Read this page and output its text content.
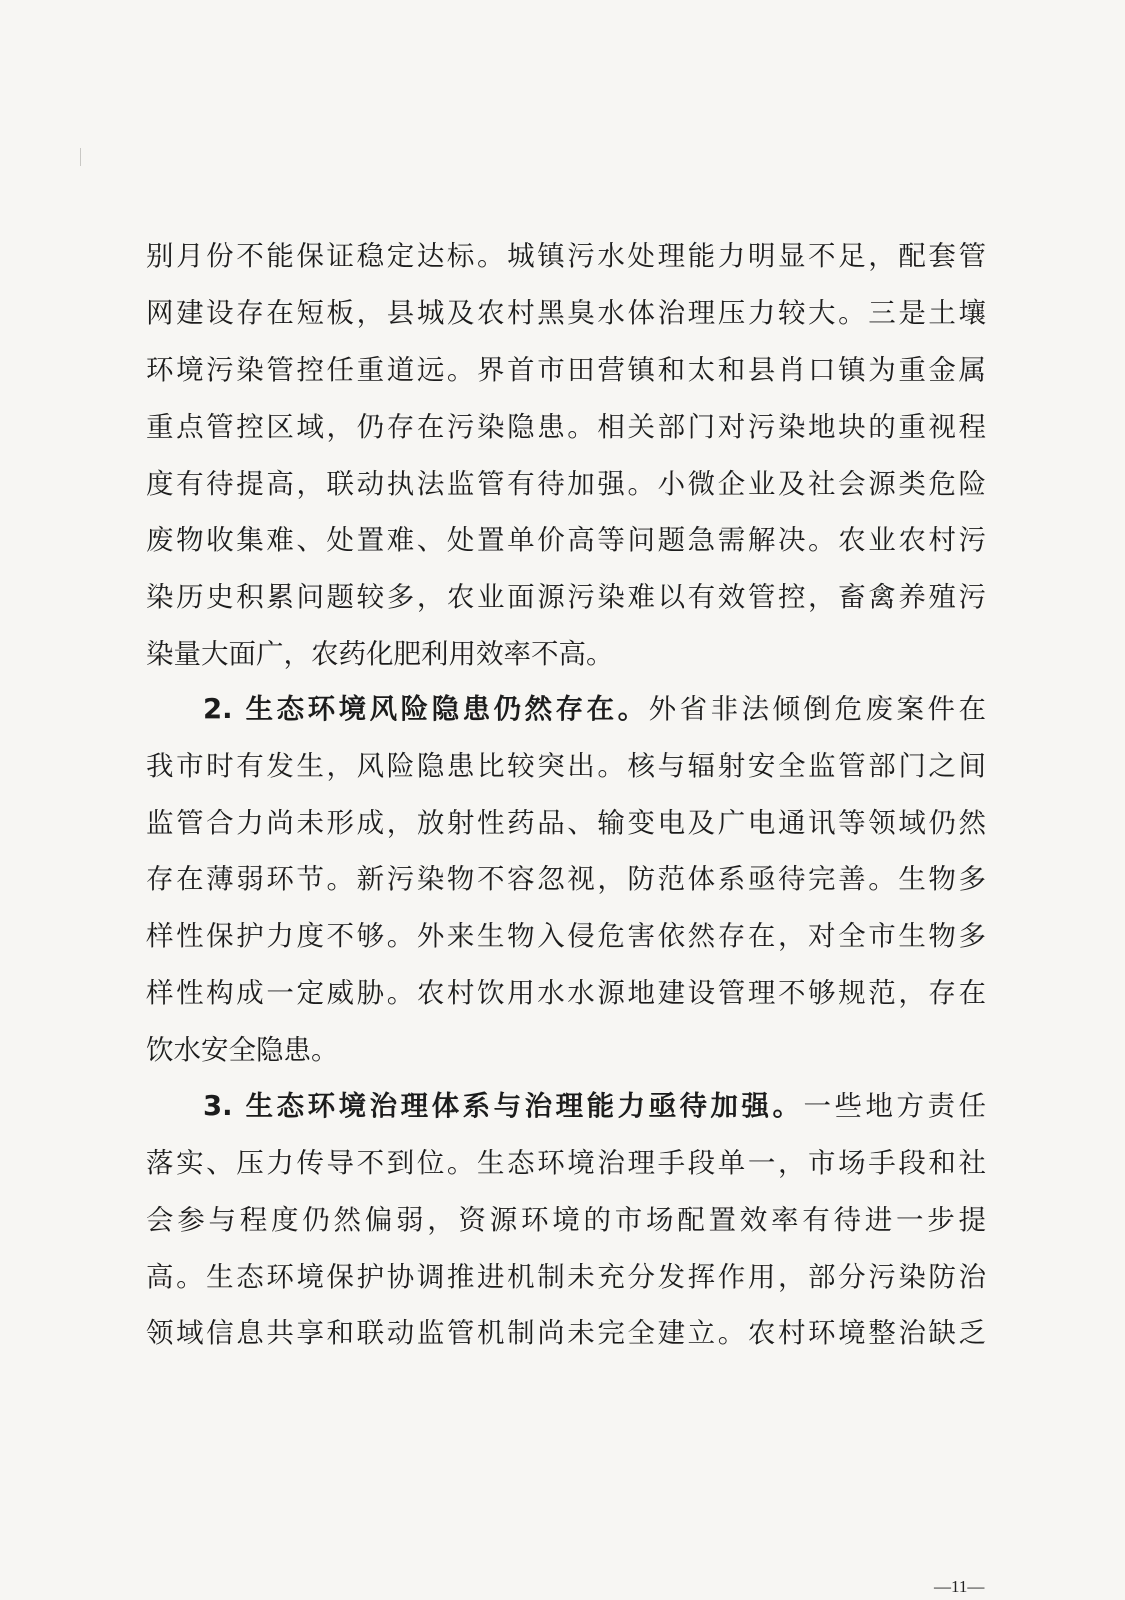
别月份不能保证稳定达标。城镇污水处理能力明显不足，配套管
网建设存在短板，县城及农村黑臭水体治理压力较大。三是土壤
环境污染管控任重道远。界首市田营镇和太和县肖口镇为重金属
重点管控区域，仍存在污染隐患。相关部门对污染地块的重视程
度有待提高，联动执法监管有待加强。小微企业及社会源类危险
废物收集难、处置难、处置单价高等问题急需解决。农业农村污
染历史积累问题较多，农业面源污染难以有效管控，畜禽养殖污
染量大面广，农药化肥利用效率不高。
2. 生态环境风险隐患仍然存在。外省非法倾倒危废案件在
我市时有发生，风险隐患比较突出。核与辐射安全监管部门之间
监管合力尚未形成，放射性药品、输变电及广电通讯等领域仍然
存在薄弱环节。新污染物不容忽视，防范体系亟待完善。生物多
样性保护力度不够。外来生物入侵危害依然存在，对全市生物多
样性构成一定威胁。农村饮用水水源地建设管理不够规范，存在
饮水安全隐患。
3. 生态环境治理体系与治理能力亟待加强。一些地方责任
落实、压力传导不到位。生态环境治理手段单一，市场手段和社
会参与程度仍然偏弱，资源环境的市场配置效率有待进一步提
高。生态环境保护协调推进机制未充分发挥作用，部分污染防治
领域信息共享和联动监管机制尚未完全建立。农村环境整治缺乏
—11—
